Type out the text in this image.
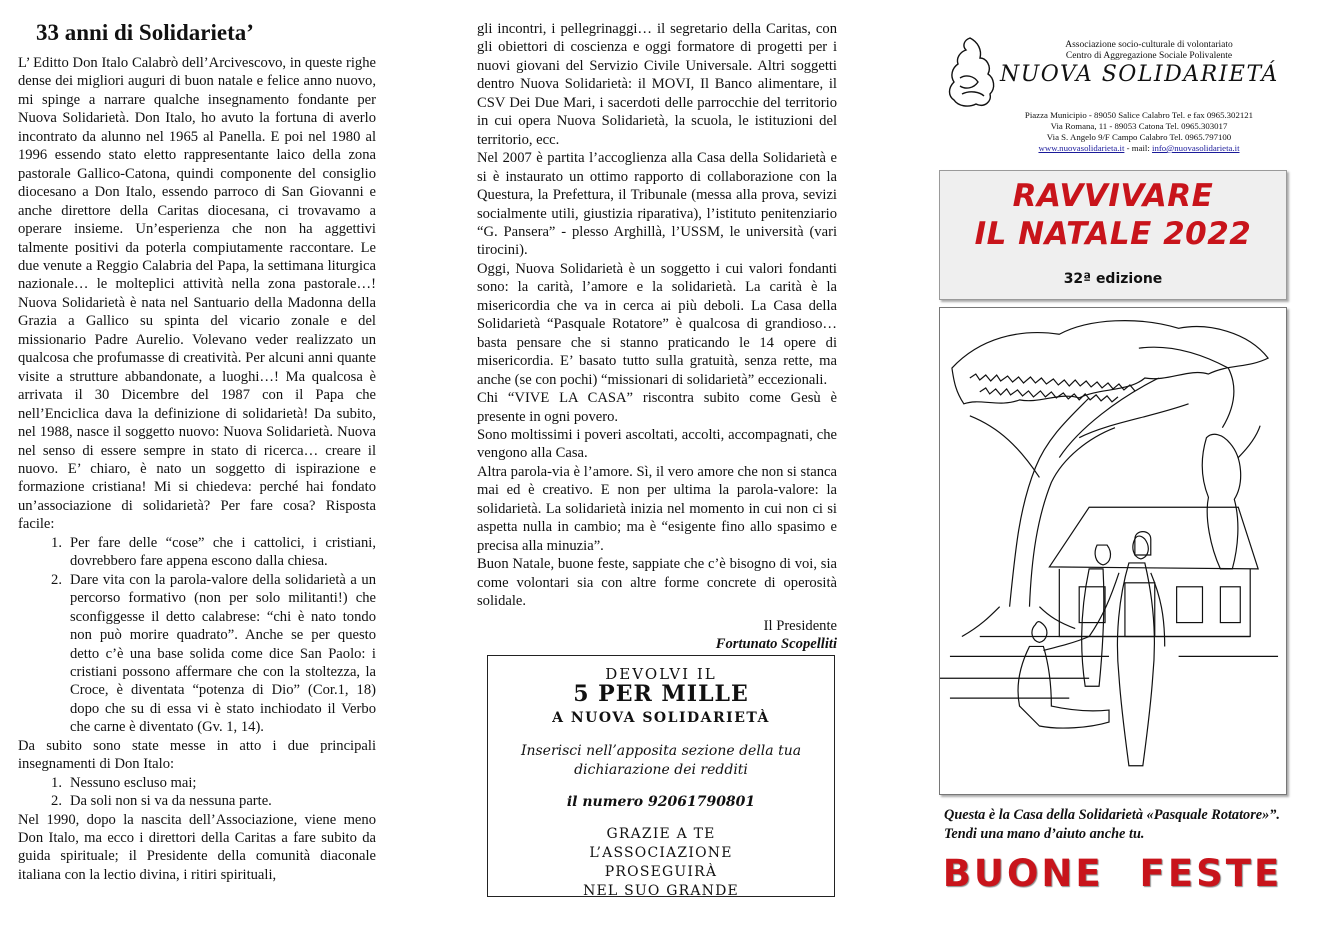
33 anni di Solidarieta’

L’ Editto Don Italo Calabrò dell’Arcivescovo, in queste righe dense dei migliori auguri di buon natale e felice anno nuovo, mi spinge a narrare qualche insegnamento fondante per Nuova Solidarietà. Don Italo, ho avuto la fortuna di averlo incontrato da alunno nel 1965 al Panella. E poi nel 1980 al 1996 essendo stato eletto rappresentante laico della zona pastorale Gallico-Catona, quindi componente del consiglio diocesano a Don Italo, essendo parroco di San Giovanni e anche direttore della Caritas diocesana, ci trovavamo a operare insieme. Un’esperienza che non ha aggettivi talmente positivi da poterla compiutamente raccontare. Le due venute a Reggio Calabria del Papa, la settimana liturgica nazionale… le molteplici attività nella zona pastorale…! Nuova Solidarietà è nata nel Santuario della Madonna della Grazia a Gallico su spinta del vicario zonale e del missionario Padre Aurelio. Volevano veder realizzato un qualcosa che profumasse di creatività. Per alcuni anni quante visite a strutture abbandonate, a luoghi…! Ma qualcosa è arrivata il 30 Dicembre del 1987 con il Papa che nell’Enciclica dava la definizione di solidarietà! Da subito, nel 1988, nasce il soggetto nuovo: Nuova Solidarietà. Nuova nel senso di essere sempre in stato di ricerca… creare il nuovo. E’ chiaro, è nato un soggetto di ispirazione e formazione cristiana! Mi si chiedeva: perché hai fondato un’associazione di solidarietà? Per fare cosa? Risposta facile:

1. Per fare delle “cose” che i cattolici, i cristiani, dovrebbero fare appena escono dalla chiesa.
2. Dare vita con la parola-valore della solidarietà a un percorso formativo (non per solo militanti!) che sconfiggesse il detto calabrese: “chi è nato tondo non può morire quadrato”. Anche se per questo detto c’è una base solida come dice San Paolo: i cristiani possono affermare che con la stoltezza, la Croce, è diventata “potenza di Dio” (Cor.1, 18) dopo che su di essa vi è stato inchiodato il Verbo che carne è diventato (Gv. 1, 14).

Da subito sono state messe in atto i due principali insegnamenti di Don Italo:

1. Nessuno escluso mai;
2. Da soli non si va da nessuna parte.

Nel 1990, dopo la nascita dell’Associazione, viene meno Don Italo, ma ecco i direttori della Caritas a fare subito da guida spirituale; il Presidente della comunità diaconale italiana con la lectio divina, i ritiri spirituali,

gli incontri, i pellegrinaggi… il segretario della Caritas, con gli obiettori di coscienza e oggi formatore di progetti per i nuovi giovani del Servizio Civile Universale. Altri soggetti dentro Nuova Solidarietà: il MOVI, Il Banco alimentare, il CSV Dei Due Mari, i sacerdoti delle parrocchie del territorio in cui opera Nuova Solidarietà, la scuola, le istituzioni del territorio, ecc.

Nel 2007 è partita l’accoglienza alla Casa della Solidarietà e si è instaurato un ottimo rapporto di collaborazione con la Questura, la Prefettura, il Tribunale (messa alla prova, sevizi socialmente utili, giustizia riparativa), l’istituto penitenziario “G. Pansera” - plesso Arghillà, l’USSM, le università (vari tirocini).

Oggi, Nuova Solidarietà è un soggetto i cui valori fondanti sono: la carità, l’amore e la solidarietà. La carità è la misericordia che va in cerca ai più deboli. La Casa della Solidarietà “Pasquale Rotatore” è qualcosa di grandioso… basta pensare che si stanno praticando le 14 opere di misericordia. E’ basato tutto sulla gratuità, senza rette, ma anche (se con pochi) “missionari di solidarietà” eccezionali.

Chi “VIVE LA CASA” riscontra subito come Gesù è presente in ogni povero.

Sono moltissimi i poveri ascoltati, accolti, accompagnati, che vengono alla Casa.

Altra parola-via è l’amore. Sì, il vero amore che non si stanca mai ed è creativo. E non per ultima la parola-valore: la solidarietà. La solidarietà inizia nel momento in cui non ci si aspetta nulla in cambio; ma è “esigente fino allo spasimo e precisa alla minuzia”.

Buon Natale, buone feste, sappiate che c’è bisogno di voi, sia come volontari sia con altre forme concrete di operosità solidale.

Il Presidente

Fortunato Scopelliti

DEVOLVI IL
5 PER MILLE
A NUOVA SOLIDARIETÀ
Inserisci nell’apposita sezione della tua
dichiarazione dei redditi
il numero 92061790801
GRAZIE A TE
L’ASSOCIAZIONE
PROSEGUIRÀ
NEL SUO GRANDE
Associazione socio-culturale di volontariato
Centro di Aggregazione Sociale Polivalente
NUOVA SOLIDARIETÁ
Piazza Municipio - 89050 Salice Calabro Tel. e fax 0965.302121
Via Romana, 11 - 89053 Catona Tel. 0965.303017
Via S. Angelo 9/F Campo Calabro Tel. 0965.797100
www.nuovasolidarieta.it - mail: info@nuovasolidarieta.it
RAVVIVARE
IL NATALE 2022
32ª edizione
Questa è la Casa della Solidarietà «Pasquale Rotatore»”. Tendi una mano d’aiuto anche tu.
BUONE FESTE
